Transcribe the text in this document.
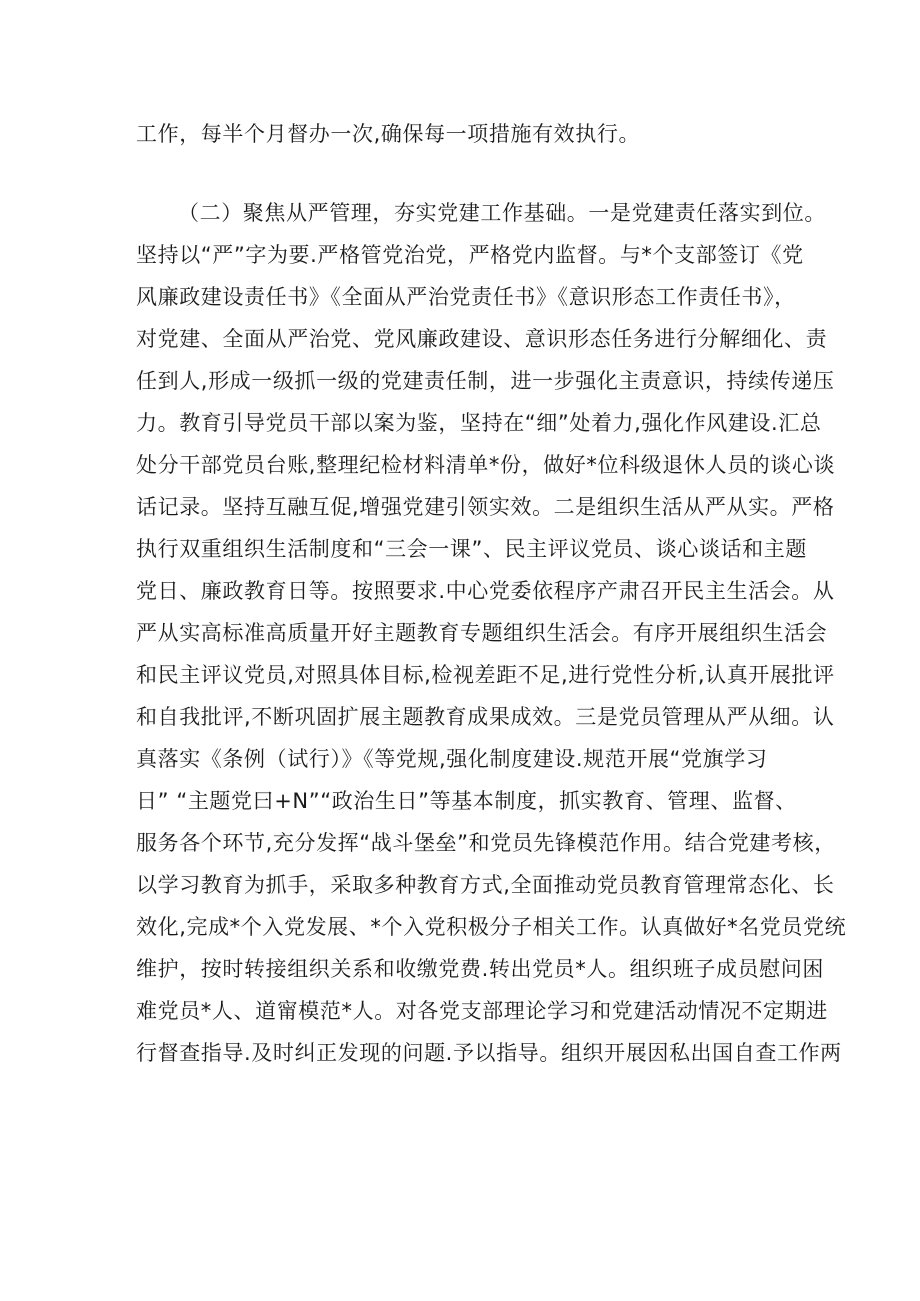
工作，每半个月督办一次,确保每一项措施有效执行。
（二）聚焦从严管理，夯实党建工作基础。一是党建责任落实到位。
坚持以“严”字为要.严格管党治党，严格党内监督。与*个支部签订《党
风廉政建设责任书》《全面从严治党责任书》《意识形态工作责任书》，
对党建、全面从严治党、党风廉政建设、意识形态任务进行分解细化、责
任到人,形成一级抓一级的党建责任制，进一步强化主责意识，持续传递压
力。教育引导党员干部以案为鉴，坚持在“细”处着力,强化作风建设.汇总
处分干部党员台账,整理纪检材料清单*份，做好*位科级退休人员的谈心谈
话记录。坚持互融互促,增强党建引领实效。二是组织生活从严从实。严格
执行双重组织生活制度和“三会一课”、民主评议党员、谈心谈话和主题
党日、廉政教育日等。按照要求.中心党委依程序产肃召开民主生活会。从
严从实高标准高质量开好主题教育专题组织生活会。有序开展组织生活会
和民主评议党员,对照具体目标,检视差距不足,进行党性分析,认真开展批评
和自我批评,不断巩固扩展主题教育成果成效。三是党员管理从严从细。认
真落实《条例（试行）》《等党规,强化制度建设.规范开展“党旗学习
日” “主题党曰+N”“政治生日”等基本制度，抓实教育、管理、监督、
服务各个环节,充分发挥“战斗堡垒”和党员先锋模范作用。结合党建考核，
以学习教育为抓手，采取多种教育方式,全面推动党员教育管理常态化、长
效化,完成*个入党发展、*个入党积极分子相关工作。认真做好*名党员党统
维护，按时转接组织关系和收缴党费.转出党员*人。组织班子成员慰问困
难党员*人、道甯模范*人。对各党支部理论学习和党建活动情况不定期进
行督查指导.及时纠正发现的问题.予以指导。组织开展因私出国自查工作两
